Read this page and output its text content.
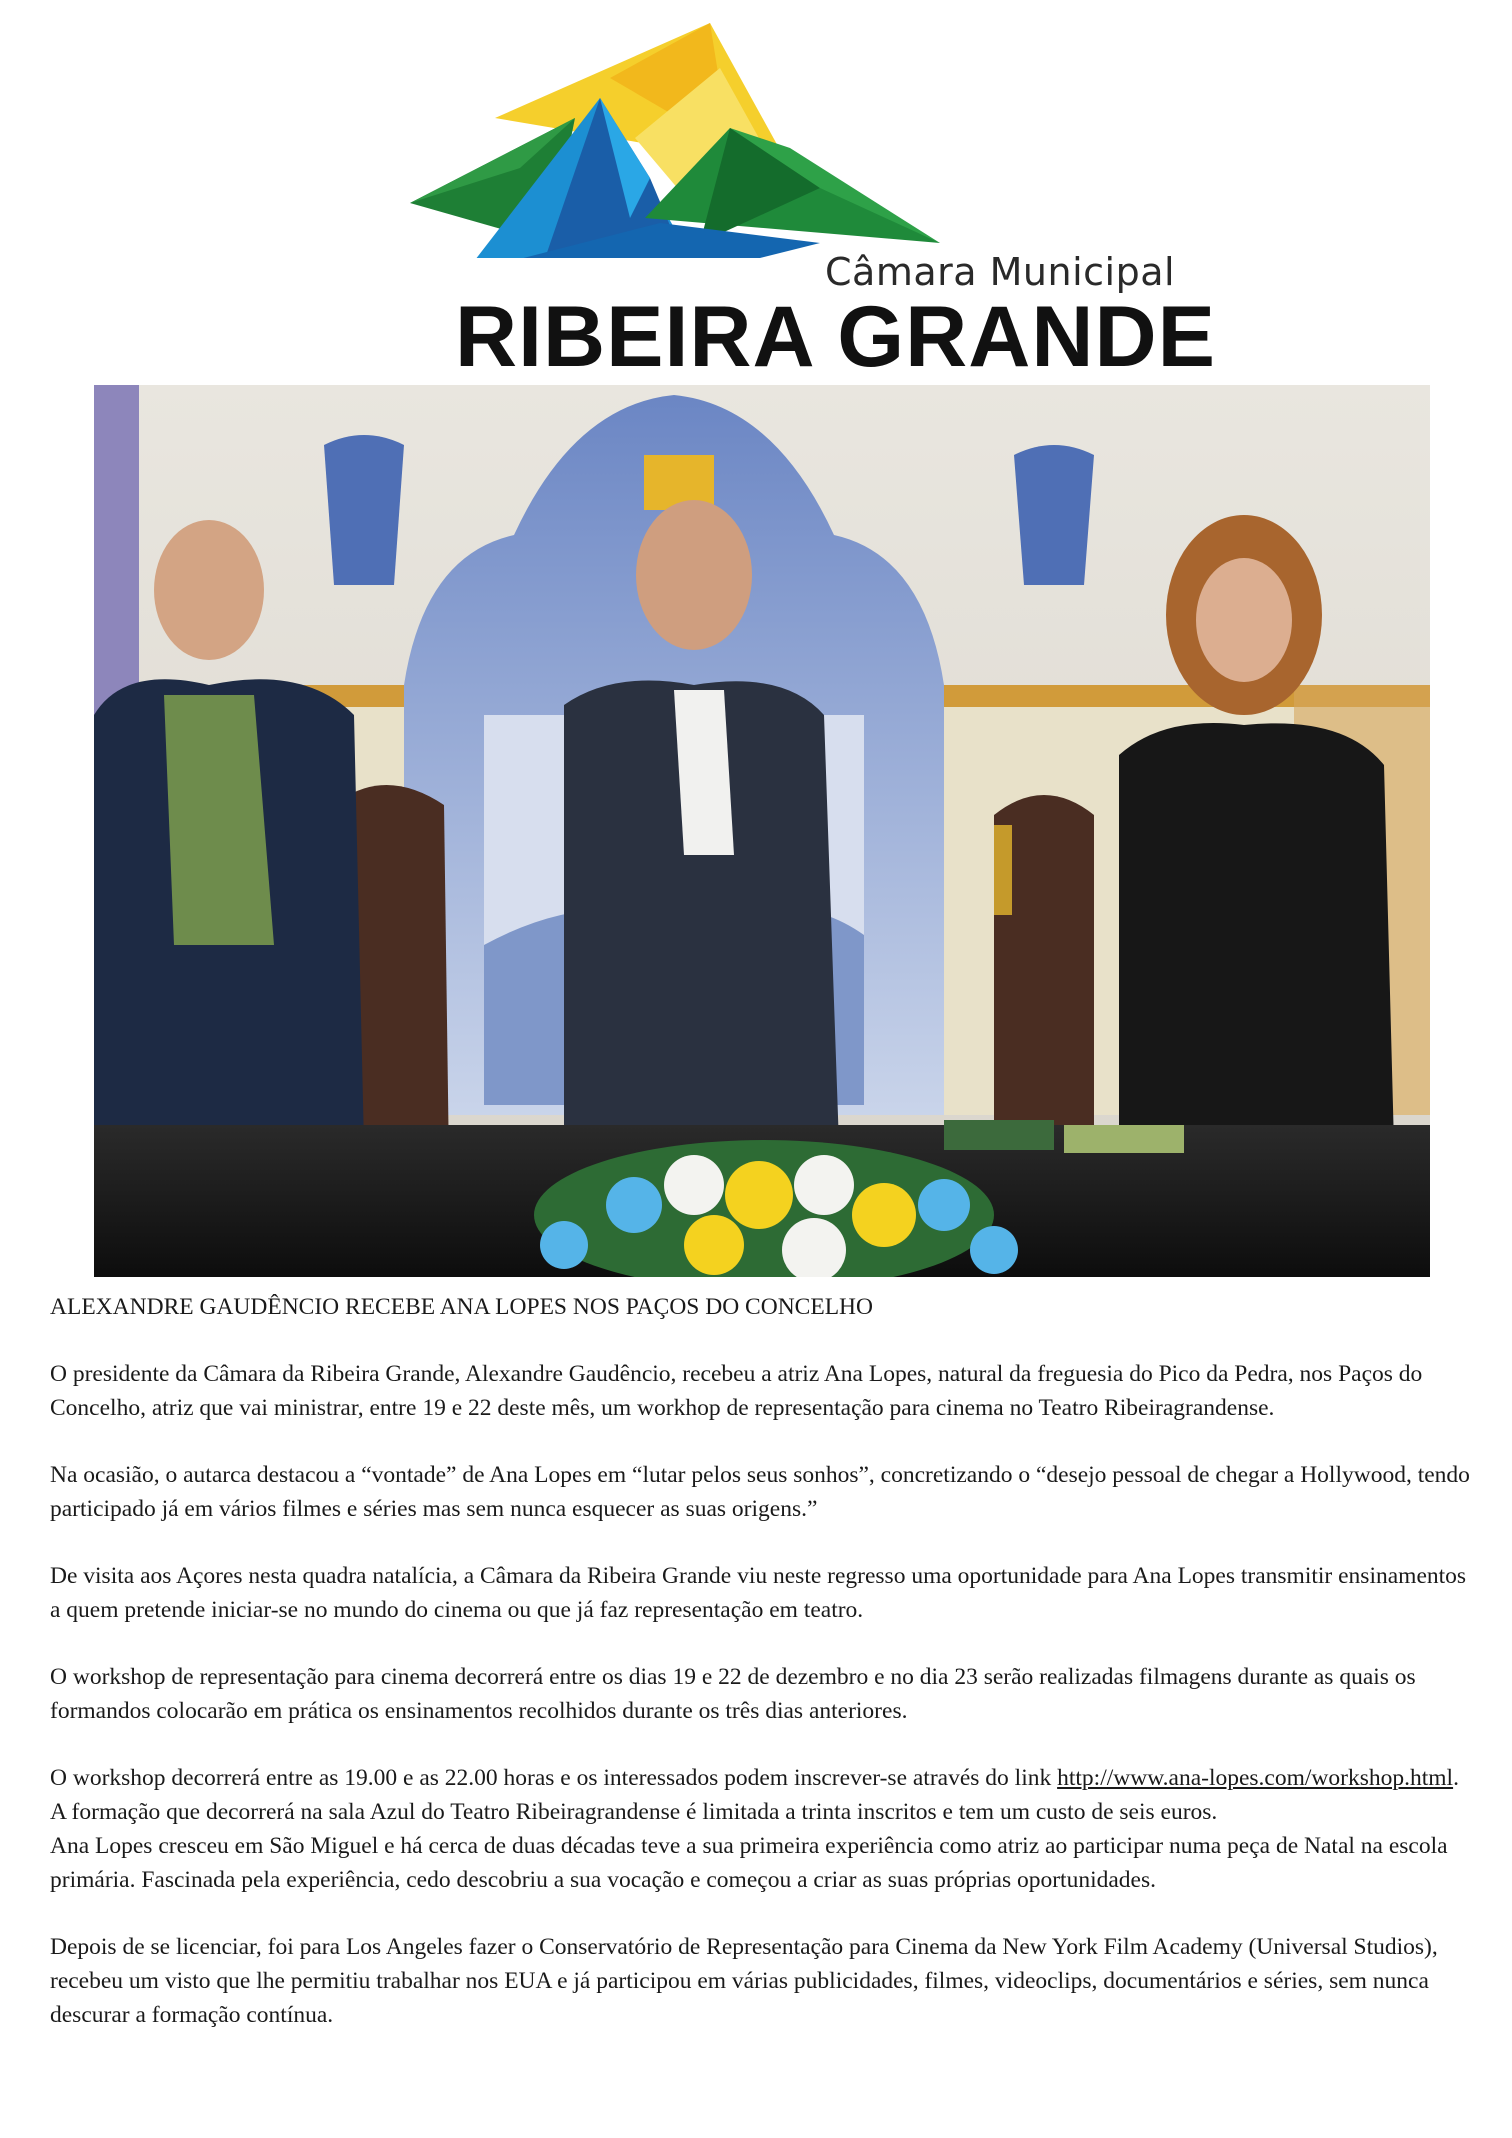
Câmara Municipal
RIBEIRA GRANDE

ALEXANDRE GAUDÊNCIO RECEBE ANA LOPES NOS PAÇOS DO CONCELHO

O presidente da Câmara da Ribeira Grande, Alexandre Gaudêncio, recebeu a atriz Ana Lopes, natural da freguesia do Pico da Pedra, nos Paços do Concelho, atriz que vai ministrar, entre 19 e 22 deste mês, um workhop de representação para cinema no Teatro Ribeiragrandense.

Na ocasião, o autarca destacou a “vontade” de Ana Lopes em “lutar pelos seus sonhos”, concretizando o “desejo pessoal de chegar a Hollywood, tendo participado já em vários filmes e séries mas sem nunca esquecer as suas origens.”

De visita aos Açores nesta quadra natalícia, a Câmara da Ribeira Grande viu neste regresso uma oportunidade para Ana Lopes transmitir ensinamentos a quem pretende iniciar-se no mundo do cinema ou que já faz representação em teatro.

O workshop de representação para cinema decorrerá entre os dias 19 e 22 de dezembro e no dia 23 serão realizadas filmagens durante as quais os formandos colocarão em prática os ensinamentos recolhidos durante os três dias anteriores.

O workshop decorrerá entre as 19.00 e as 22.00 horas e os interessados podem inscrever-se através do link http://www.ana-lopes.com/workshop.html. A formação que decorrerá na sala Azul do Teatro Ribeiragrandense é limitada a trinta inscritos e tem um custo de seis euros.

Ana Lopes cresceu em São Miguel e há cerca de duas décadas teve a sua primeira experiência como atriz ao participar numa peça de Natal na escola primária. Fascinada pela experiência, cedo descobriu a sua vocação e começou a criar as suas próprias oportunidades.

Depois de se licenciar, foi para Los Angeles fazer o Conservatório de Representação para Cinema da New York Film Academy (Universal Studios), recebeu um visto que lhe permitiu trabalhar nos EUA e já participou em várias publicidades, filmes, videoclips, documentários e séries, sem nunca descurar a formação contínua.
